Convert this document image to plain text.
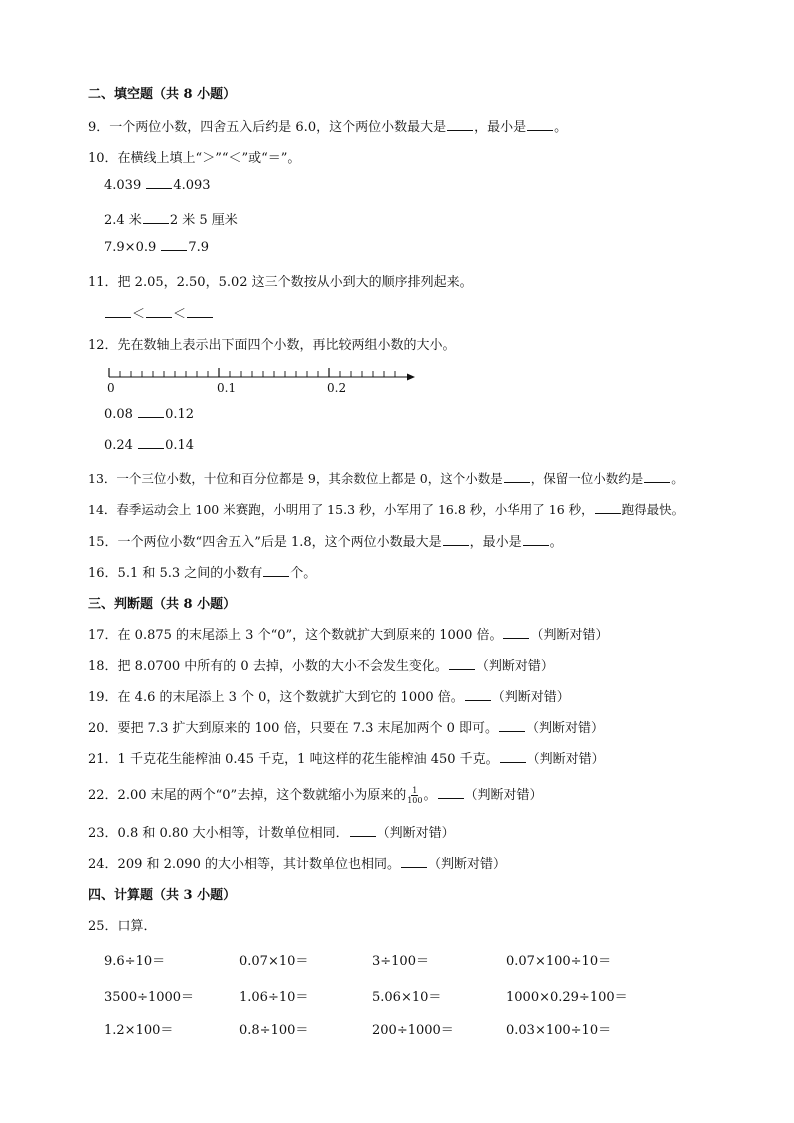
二、填空题（共 8 小题）
9．一个两位小数，四舍五入后约是 6.0，这个两位小数最大是 ，最小是 。
10．在横线上填上“＞”“＜”或“＝”。
4.039 4.093
2.4 米 2 米 5 厘米
7.9×0.9 7.9
11．把 2.05，2.50，5.02 这三个数按从小到大的顺序排列起来。
＜ ＜
12．先在数轴上表示出下面四个小数，再比较两组小数的大小。
0	0.1	0.2
0.08 0.12
0.24 0.14
13．一个三位小数，十位和百分位都是 9，其余数位上都是 0，这个小数是 ，保留一位小数约是 。
14．春季运动会上 100 米赛跑，小明用了 15.3 秒，小军用了 16.8 秒，小华用了 16 秒， 跑得最快。
15．一个两位小数“四舍五入”后是 1.8，这个两位小数最大是 ，最小是 。
16．5.1 和 5.3 之间的小数有 个。
三、判断题（共 8 小题）
17．在 0.875 的末尾添上 3 个“0”，这个数就扩大到原来的 1000 倍。 （判断对错）
18．把 8.0700 中所有的 0 去掉，小数的大小不会发生变化。 （判断对错）
19．在 4.6 的末尾添上 3 个 0，这个数就扩大到它的 1000 倍。 （判断对错）
20．要把 7.3 扩大到原来的 100 倍，只要在 7.3 末尾加两个 0 即可。 （判断对错）
21．1 千克花生能榨油 0.45 千克，1 吨这样的花生能榨油 450 千克。 （判断对错）
22．2.00 末尾的两个“0”去掉，这个数就缩小为原来的 $\frac{1}{100}$ 。 （判断对错）
23．0.8 和 0.80 大小相等，计数单位相同． （判断对错）
24．209 和 2.090 的大小相等，其计数单位也相同。 （判断对错）
四、计算题（共 3 小题）
25．口算．
9.6÷10＝	0.07×10＝	3÷100＝	0.07×100÷10＝
3500÷1000＝	1.06÷10＝	5.06×10＝	1000×0.29÷100＝
1.2×100＝	0.8÷100＝	200÷1000＝	0.03×100÷10＝
